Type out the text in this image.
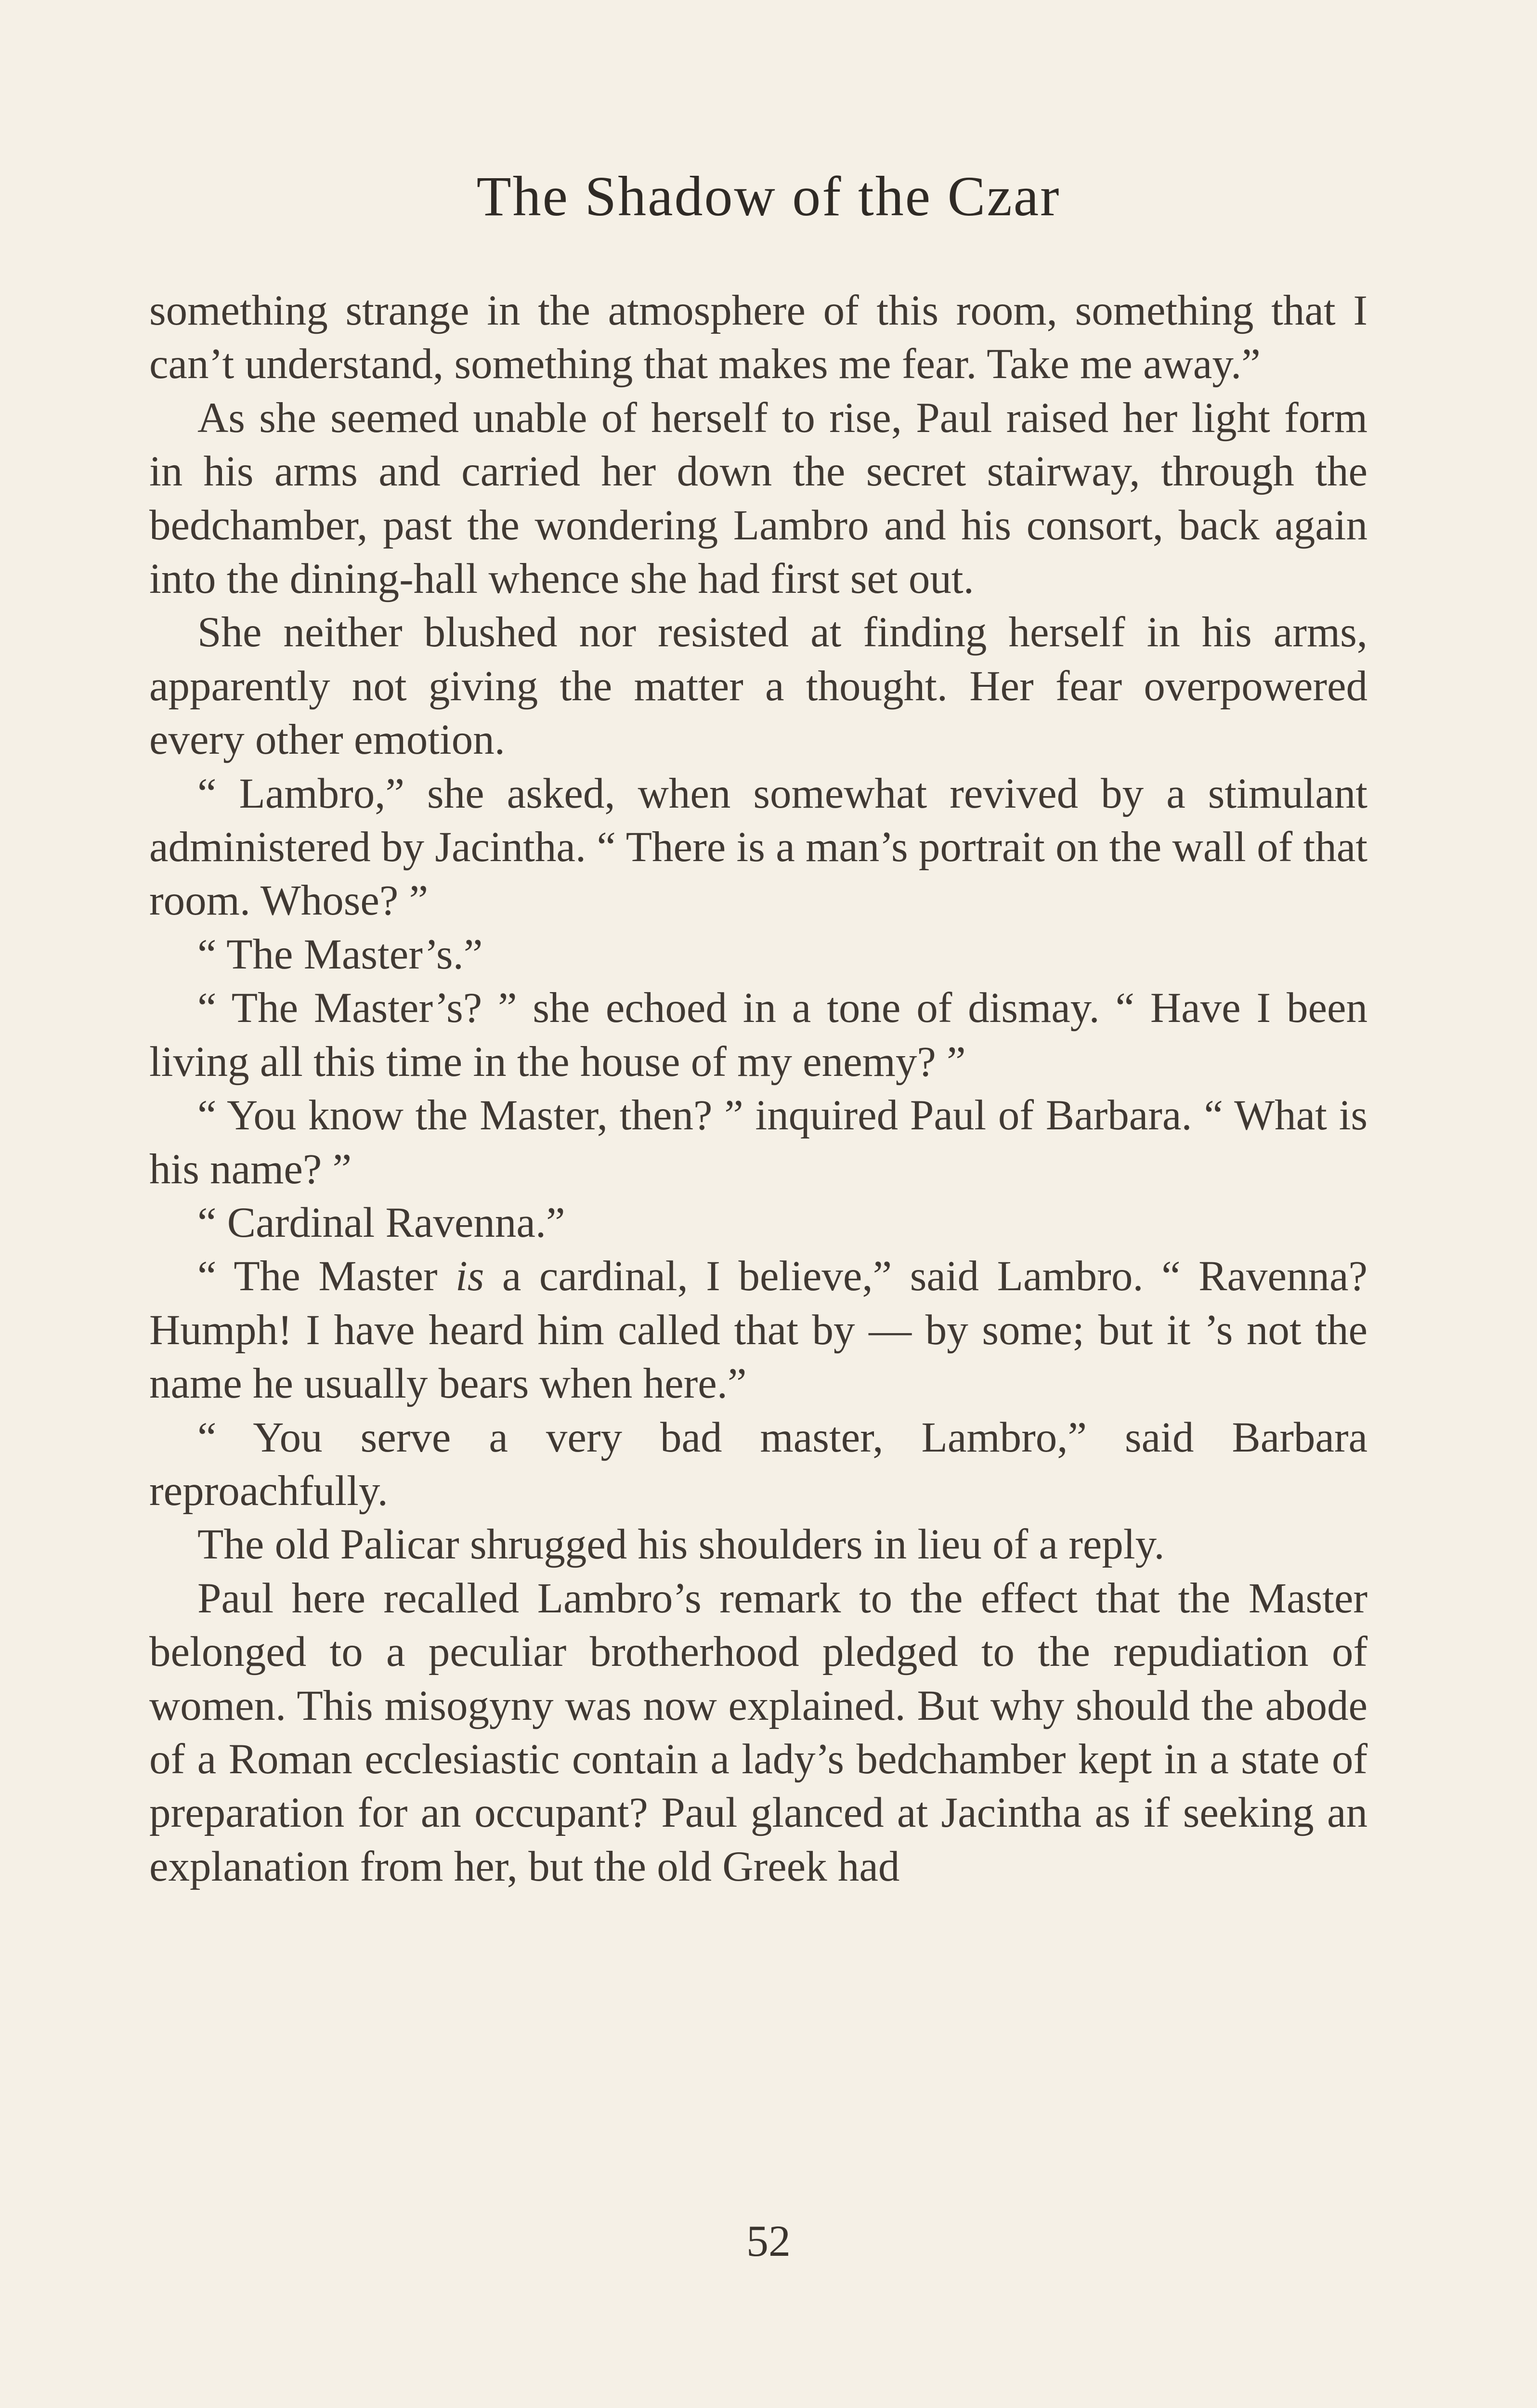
The Shadow of the Czar

something strange in the atmosphere of this room, something that I can’t understand, something that makes me fear. Take me away.”

As she seemed unable of herself to rise, Paul raised her light form in his arms and carried her down the secret stairway, through the bedchamber, past the wondering Lambro and his consort, back again into the dining-hall whence she had first set out.

She neither blushed nor resisted at finding herself in his arms, apparently not giving the matter a thought. Her fear overpowered every other emotion.

“ Lambro,” she asked, when somewhat revived by a stimulant administered by Jacintha. “ There is a man’s portrait on the wall of that room. Whose? ”

“ The Master’s.”

“ The Master’s? ” she echoed in a tone of dismay. “ Have I been living all this time in the house of my enemy? ”

“ You know the Master, then? ” inquired Paul of Barbara. “ What is his name? ”

“ Cardinal Ravenna.”

“ The Master is a cardinal, I believe,” said Lambro. “ Ravenna? Humph! I have heard him called that by — by some; but it ’s not the name he usually bears when here.”

“ You serve a very bad master, Lambro,” said Barbara reproachfully.

The old Palicar shrugged his shoulders in lieu of a reply.

Paul here recalled Lambro’s remark to the effect that the Master belonged to a peculiar brotherhood pledged to the repudiation of women. This misogyny was now explained. But why should the abode of a Roman ecclesiastic contain a lady’s bedchamber kept in a state of preparation for an occupant? Paul glanced at Jacintha as if seeking an explanation from her, but the old Greek had

52
